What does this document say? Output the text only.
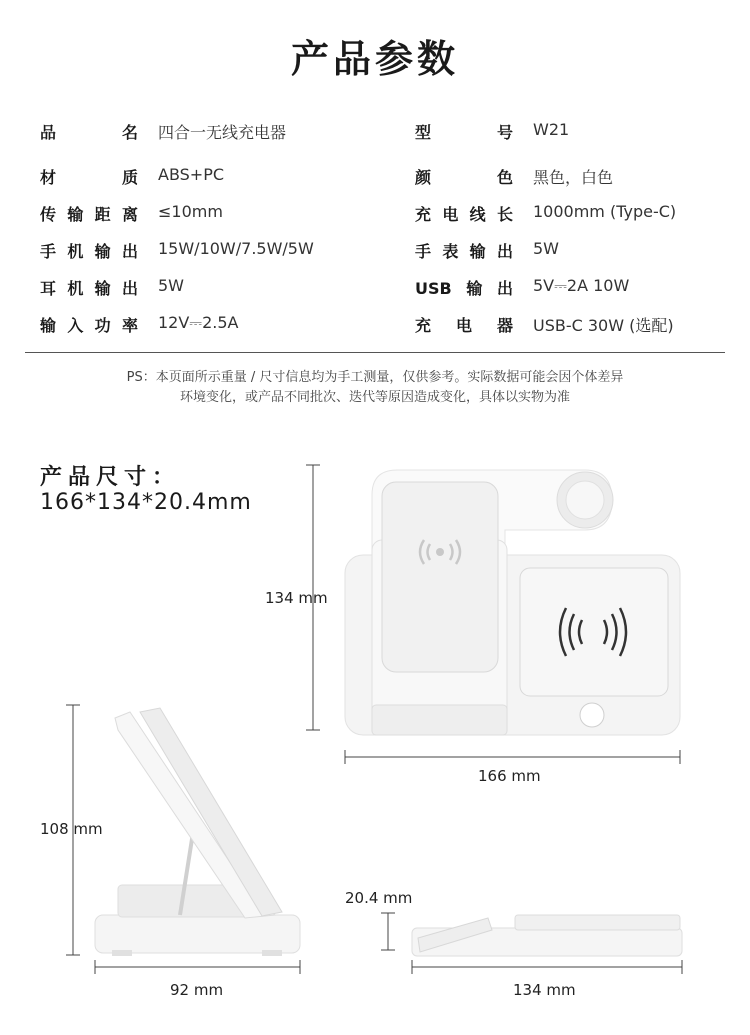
产品参数
品名 四合一无线充电器	型号 W21
材质 ABS+PC	颜色 黑色，白色
传输距离 ≤10mm	充电线长 1000mm (Type-C)
手机输出 15W/10W/7.5W/5W	手表输出 5W
耳机输出 5W	USB输出 5V⎓2A 10W
输入功率 12V⎓2.5A	充电器 USB-C 30W (选配)
PS：本页面所示重量 / 尺寸信息均为手工测量，仅供参考。实际数据可能会因个体差异
环境变化，或产品不同批次、迭代等原因造成变化，具体以实物为准
产品尺寸：
166*134*20.4mm
134 mm
166 mm
108 mm
92 mm
20.4 mm
134 mm
